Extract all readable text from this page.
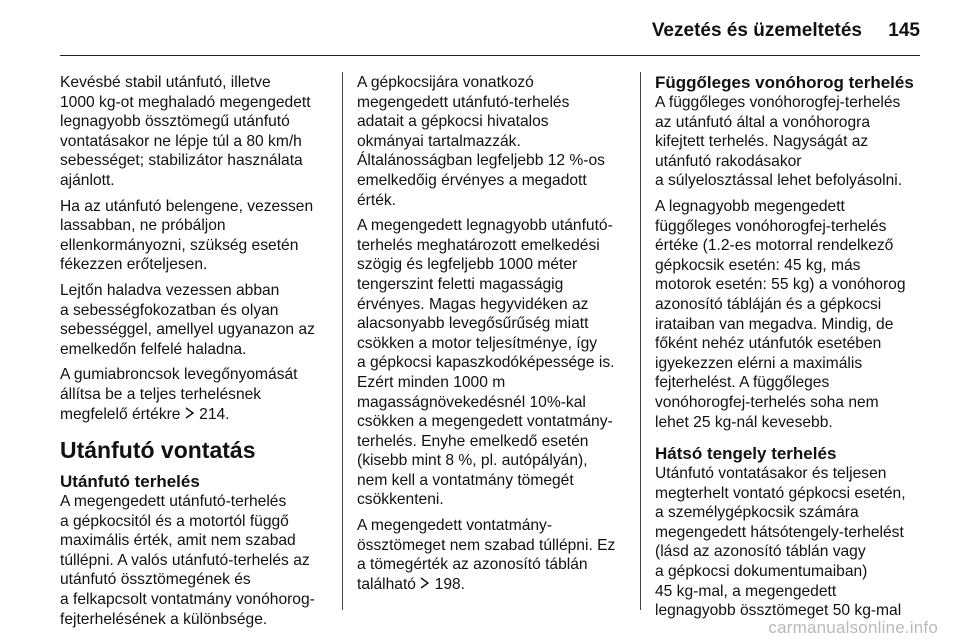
Vezetés és üzemeltetés 145
Kevésbé stabil utánfutó, illetve
1000 kg-ot meghaladó megengedett
legnagyobb össztömegű utánfutó
vontatásakor ne lépje túl a 80 km/h
sebességet; stabilizátor használata
ajánlott.
Ha az utánfutó belengene, vezessen
lassabban, ne próbáljon
ellenkormányozni, szükség esetén
fékezzen erőteljesen.
Lejtőn haladva vezessen abban
a sebességfokozatban és olyan
sebességgel, amellyel ugyanazon az
emelkedőn felfelé haladna.
A gumiabroncsok levegőnyomását
állítsa be a teljes terhelésnek
megfelelő értékre  214.
Utánfutó vontatás
Utánfutó terhelés
A megengedett utánfutó-terhelés
a gépkocsitól és a motortól függő
maximális érték, amit nem szabad
túllépni. A valós utánfutó-terhelés az
utánfutó össztömegének és
a felkapcsolt vontatmány vonóhorog-
fejterhelésének a különbsége.
A gépkocsijára vonatkozó
megengedett utánfutó-terhelés
adatait a gépkocsi hivatalos
okmányai tartalmazzák.
Általánosságban legfeljebb 12 %-os
emelkedőig érvényes a megadott
érték.
A megengedett legnagyobb utánfutó-
terhelés meghatározott emelkedési
szögig és legfeljebb 1000 méter
tengerszint feletti magasságig
érvényes. Magas hegyvidéken az
alacsonyabb levegősűrűség miatt
csökken a motor teljesítménye, így
a gépkocsi kapaszkodóképessége is.
Ezért minden 1000 m
magasságnövekedésnél 10%-kal
csökken a megengedett vontatmány-
terhelés. Enyhe emelkedő esetén
(kisebb mint 8 %, pl. autópályán),
nem kell a vontatmány tömegét
csökkenteni.
A megengedett vontatmány-
össztömeget nem szabad túllépni. Ez
a tömegérték az azonosító táblán
található  198.
Függőleges vonóhorog terhelés
A függőleges vonóhorogfej-terhelés
az utánfutó által a vonóhorogra
kifejtett terhelés. Nagyságát az
utánfutó rakodásakor
a súlyelosztással lehet befolyásolni.
A legnagyobb megengedett
függőleges vonóhorogfej-terhelés
értéke (1.2-es motorral rendelkező
gépkocsik esetén: 45 kg, más
motorok esetén: 55 kg) a vonóhorog
azonosító tábláján és a gépkocsi
irataiban van megadva. Mindig, de
főként nehéz utánfutók esetében
igyekezzen elérni a maximális
fejterhelést. A függőleges
vonóhorogfej-terhelés soha nem
lehet 25 kg-nál kevesebb.
Hátsó tengely terhelés
Utánfutó vontatásakor és teljesen
megterhelt vontató gépkocsi esetén,
a személygépkocsik számára
megengedett hátsótengely-terhelést
(lásd az azonosító táblán vagy
a gépkocsi dokumentumaiban)
45 kg-mal, a megengedett
legnagyobb össztömeget 50 kg-mal
carmanualsonline.info
